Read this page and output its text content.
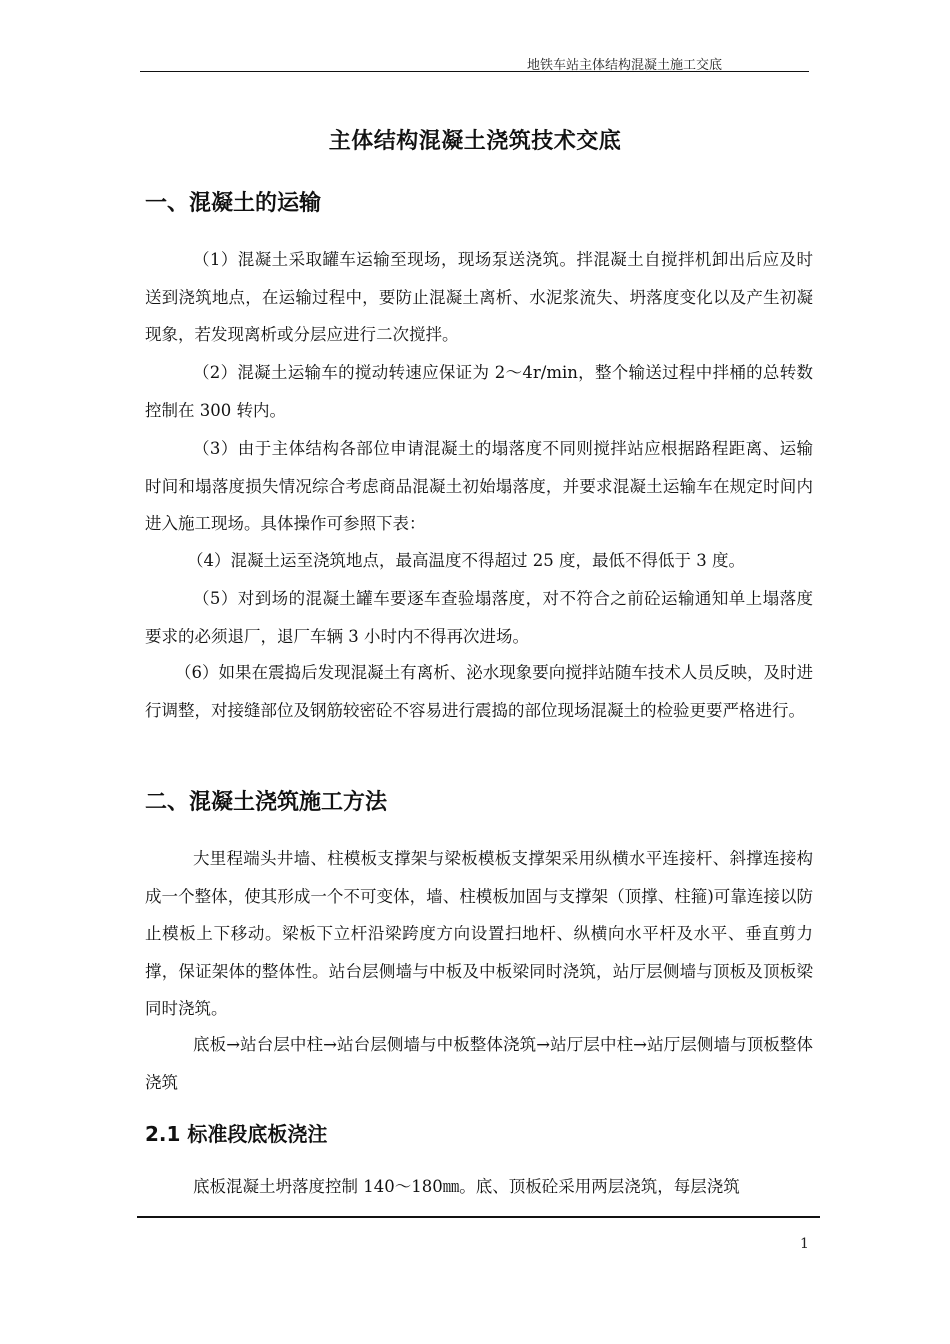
地铁车站主体结构混凝土施工交底
主体结构混凝土浇筑技术交底
一、混凝土的运输
（1）混凝土采取罐车运输至现场，现场泵送浇筑。拌混凝土自搅拌机卸出后应及时送到浇筑地点，在运输过程中，要防止混凝土离析、水泥浆流失、坍落度变化以及产生初凝现象，若发现离析或分层应进行二次搅拌。
（2）混凝土运输车的搅动转速应保证为 2～4r/min，整个输送过程中拌桶的总转数控制在 300 转内。
（3）由于主体结构各部位申请混凝土的塌落度不同则搅拌站应根据路程距离、运输时间和塌落度损失情况综合考虑商品混凝土初始塌落度，并要求混凝土运输车在规定时间内进入施工现场。具体操作可参照下表：
（4）混凝土运至浇筑地点，最高温度不得超过 25 度，最低不得低于 3 度。
（5）对到场的混凝土罐车要逐车查验塌落度，对不符合之前砼运输通知单上塌落度要求的必须退厂，退厂车辆 3 小时内不得再次进场。
（6）如果在震捣后发现混凝土有离析、泌水现象要向搅拌站随车技术人员反映，及时进行调整，对接缝部位及钢筋较密砼不容易进行震捣的部位现场混凝土的检验更要严格进行。
二、混凝土浇筑施工方法
大里程端头井墙、柱模板支撑架与梁板模板支撑架采用纵横水平连接杆、斜撑连接构成一个整体，使其形成一个不可变体，墙、柱模板加固与支撑架（顶撑、柱箍)可靠连接以防止模板上下移动。梁板下立杆沿梁跨度方向设置扫地杆、纵横向水平杆及水平、垂直剪力撑，保证架体的整体性。站台层侧墙与中板及中板梁同时浇筑，站厅层侧墙与顶板及顶板梁同时浇筑。
底板→站台层中柱→站台层侧墙与中板整体浇筑→站厅层中柱→站厅层侧墙与顶板整体浇筑
2.1 标准段底板浇注
底板混凝土坍落度控制 140～180㎜。底、顶板砼采用两层浇筑，每层浇筑
1
